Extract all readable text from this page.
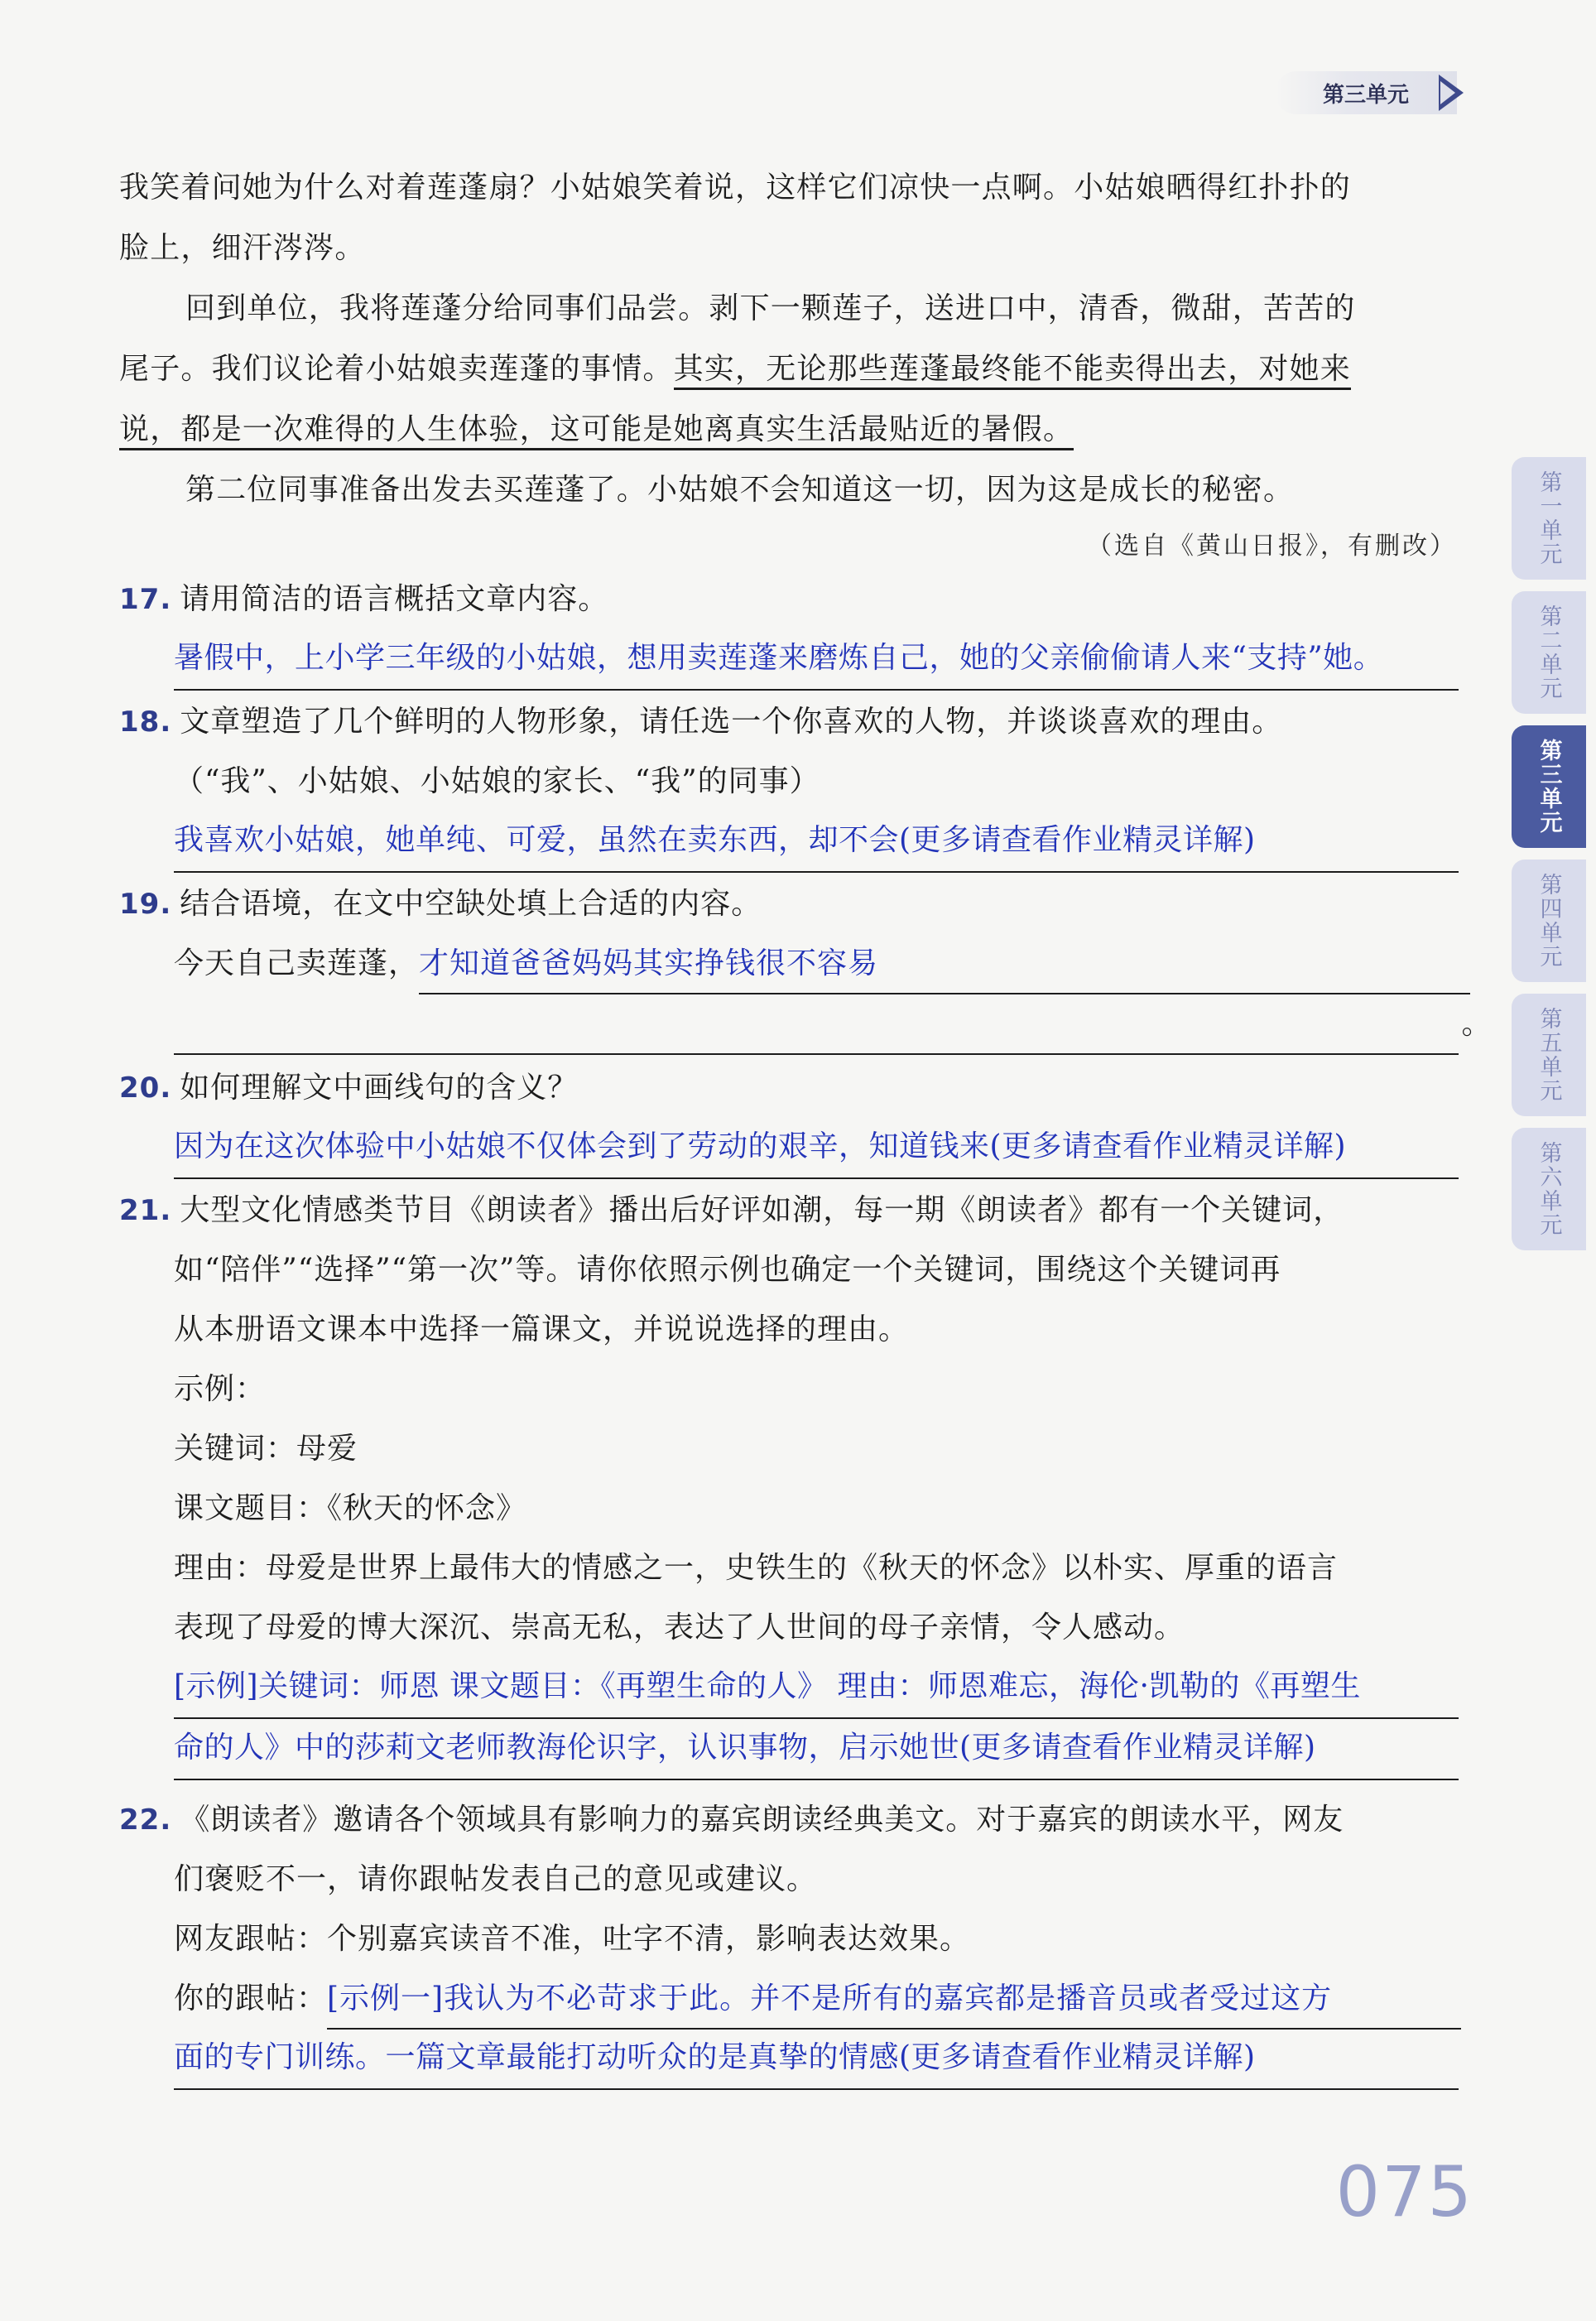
第三单元
第一单元
第二单元
第三单元
第四单元
第五单元
第六单元

我笑着问她为什么对着莲蓬扇？小姑娘笑着说，这样它们凉快一点啊。小姑娘晒得红扑扑的

脸上，细汗涔涔。

回到单位，我将莲蓬分给同事们品尝。剥下一颗莲子，送进口中，清香，微甜，苦苦的

尾子。我们议论着小姑娘卖莲蓬的事情。其实，无论那些莲蓬最终能不能卖得出去，对她来

说，都是一次难得的人生体验，这可能是她离真实生活最贴近的暑假。

第二位同事准备出发去买莲蓬了。小姑娘不会知道这一切，因为这是成长的秘密。

（选自《黄山日报》，有删改）
17. 请用简洁的语言概括文章内容。
暑假中，上小学三年级的小姑娘，想用卖莲蓬来磨炼自己，她的父亲偷偷请人来“支持”她。
18. 文章塑造了几个鲜明的人物形象，请任选一个你喜欢的人物，并谈谈喜欢的理由。
（“我”、小姑娘、小姑娘的家长、“我”的同事）
我喜欢小姑娘，她单纯、可爱，虽然在卖东西，却不会(更多请查看作业精灵详解)
19. 结合语境，在文中空缺处填上合适的内容。
今天自己卖莲蓬，才知道爸爸妈妈其实挣钱很不容易
。
20. 如何理解文中画线句的含义？
因为在这次体验中小姑娘不仅体会到了劳动的艰辛，知道钱来(更多请查看作业精灵详解)
21. 大型文化情感类节目《朗读者》播出后好评如潮，每一期《朗读者》都有一个关键词，
如“陪伴”“选择”“第一次”等。请你依照示例也确定一个关键词，围绕这个关键词再
从本册语文课本中选择一篇课文，并说说选择的理由。
示例：
关键词：母爱
课文题目：《秋天的怀念》
理由：母爱是世界上最伟大的情感之一，史铁生的《秋天的怀念》以朴实、厚重的语言
表现了母爱的博大深沉、崇高无私，表达了人世间的母子亲情，令人感动。
[示例]关键词：师恩 课文题目：《再塑生命的人》 理由：师恩难忘，海伦·凯勒的《再塑生
命的人》中的莎莉文老师教海伦识字，认识事物，启示她世(更多请查看作业精灵详解)
22. 《朗读者》邀请各个领域具有影响力的嘉宾朗读经典美文。对于嘉宾的朗读水平，网友
们褒贬不一，请你跟帖发表自己的意见或建议。
网友跟帖：个别嘉宾读音不准，吐字不清，影响表达效果。
你的跟帖：[示例一]我认为不必苛求于此。并不是所有的嘉宾都是播音员或者受过这方
面的专门训练。一篇文章最能打动听众的是真挚的情感(更多请查看作业精灵详解)
075
